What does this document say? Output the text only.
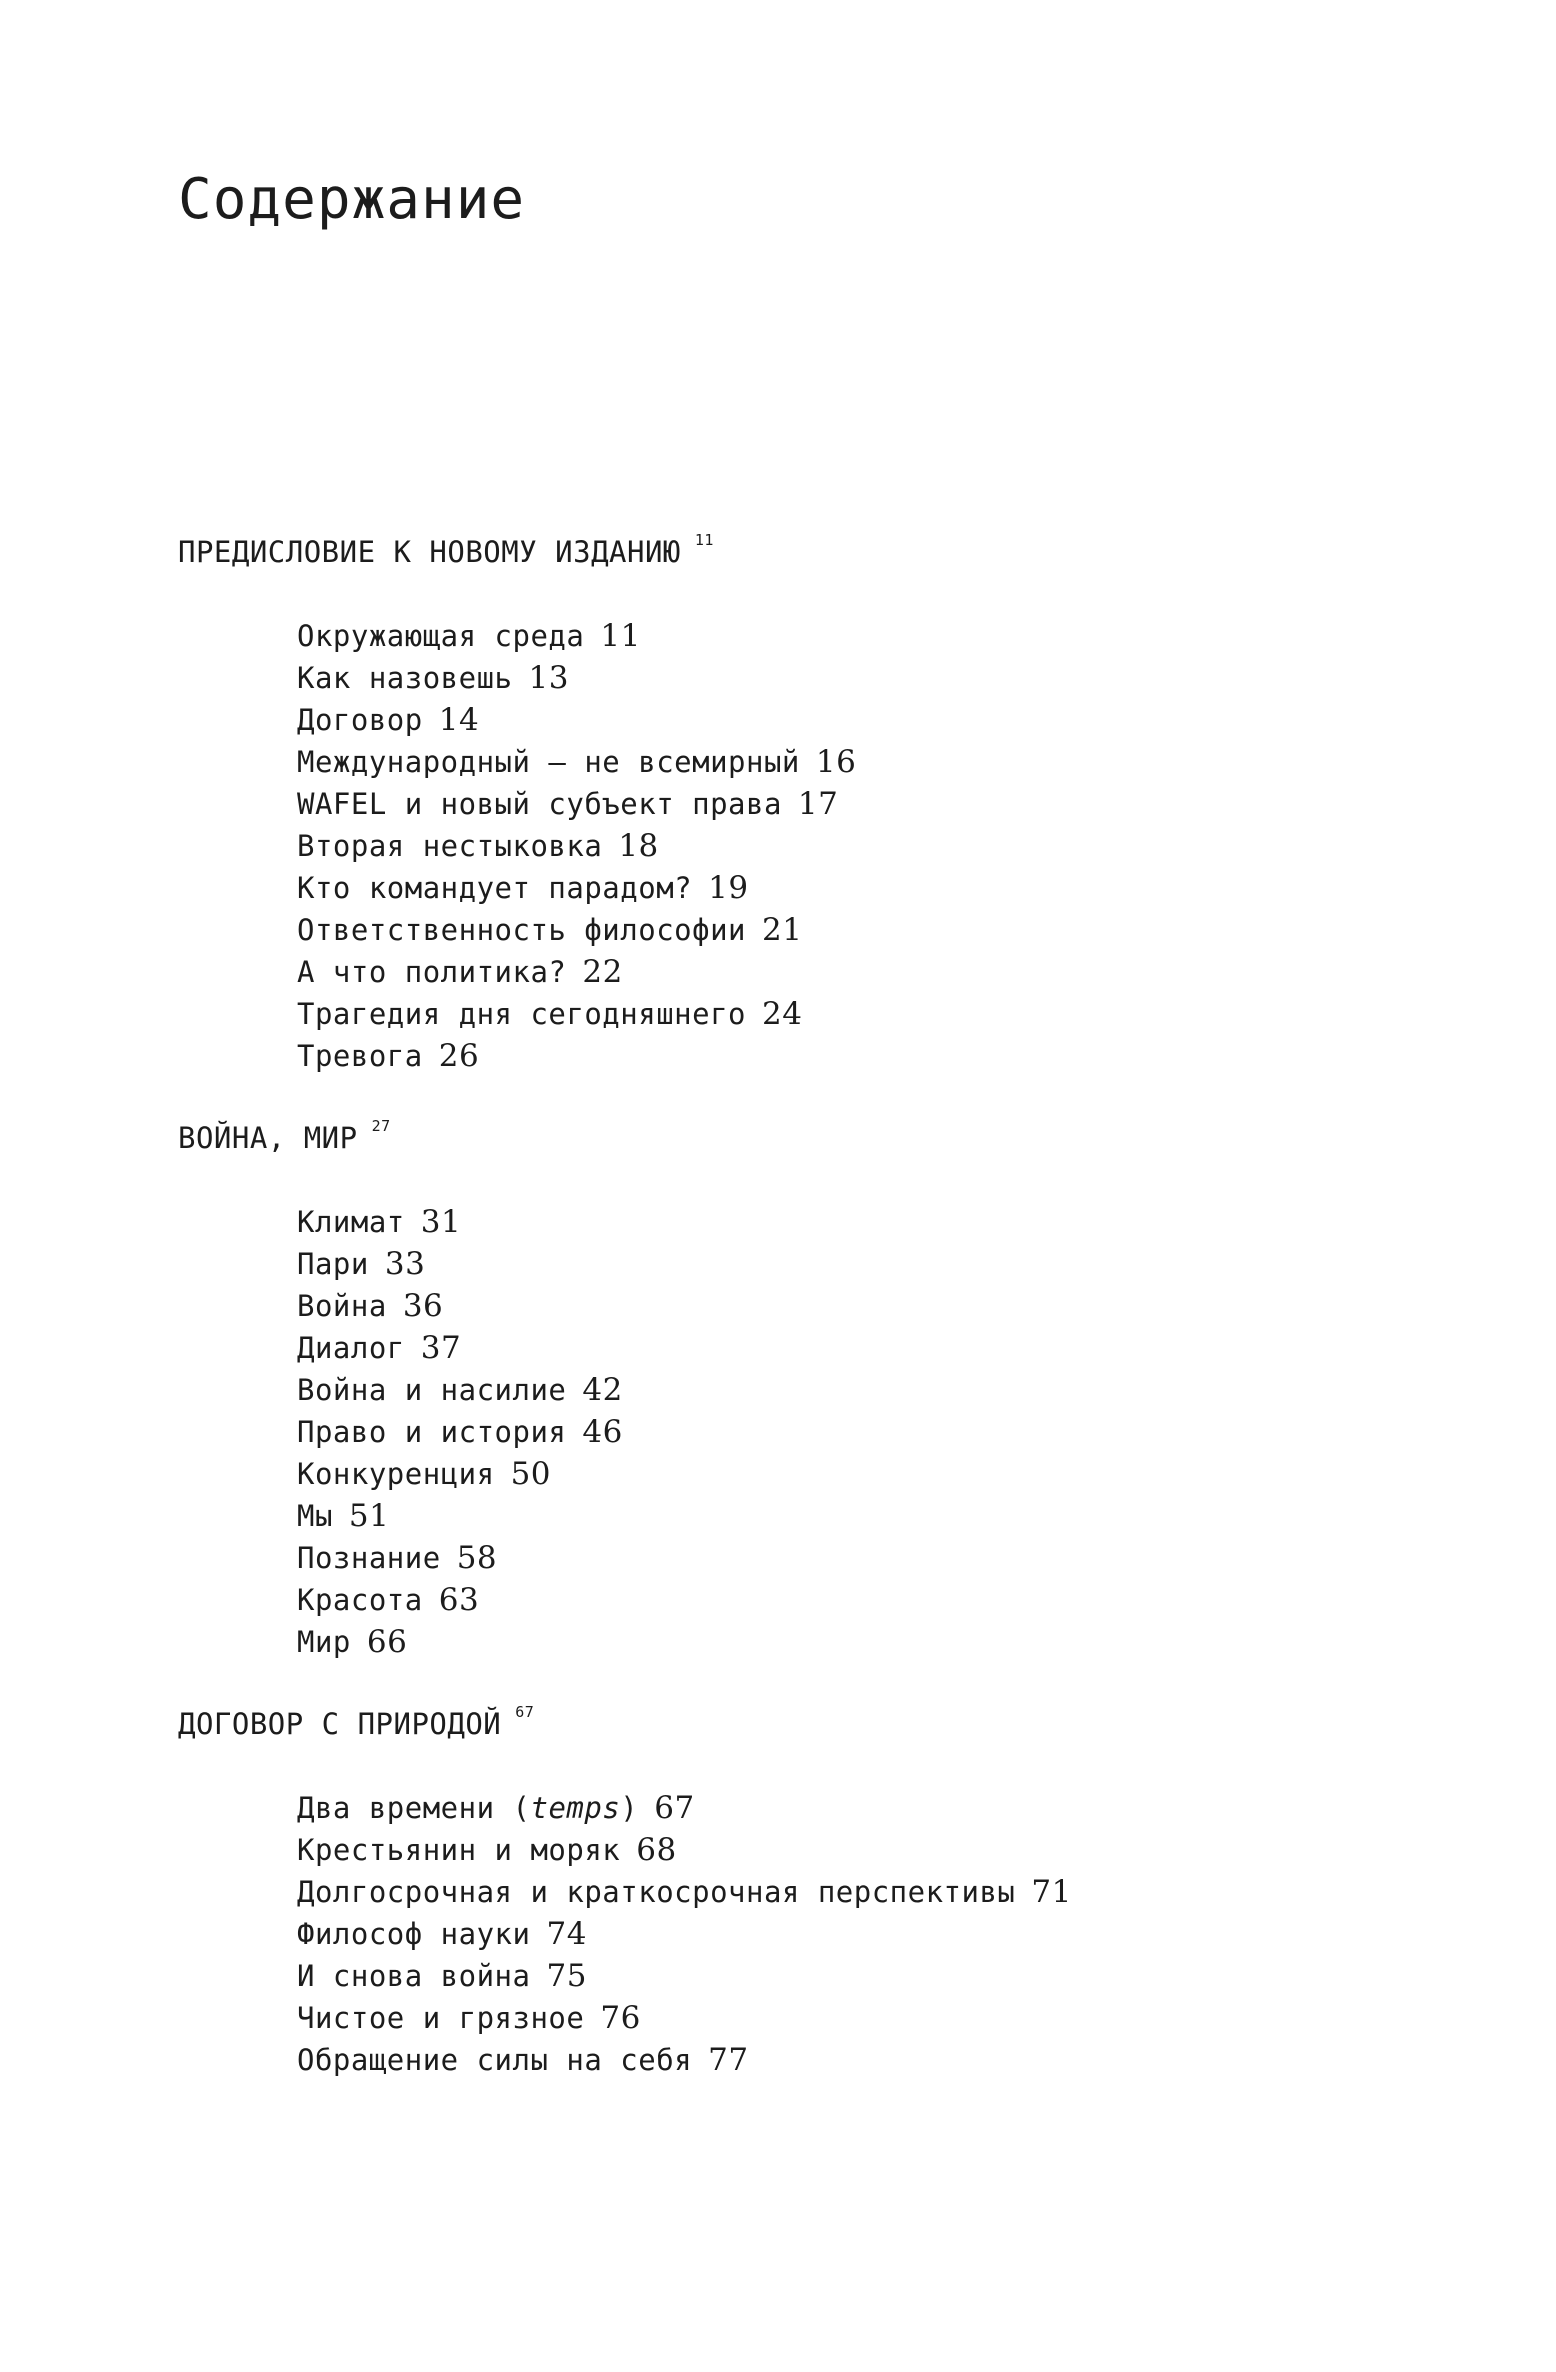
Содержание
ПРЕДИСЛОВИЕ К НОВОМУ ИЗДАНИЮ $^{11}$
Окружающая среда 11
Как назовешь 13
Договор 14
Международный — не всемирный 16
WAFEL и новый субъект права 17
Вторая нестыковка 18
Кто командует парадом? 19
Ответственность философии 21
А что политика? 22
Трагедия дня сегодняшнего 24
Тревога 26
ВОЙНА, МИР $^{27}$
Климат 31
Пари 33
Война 36
Диалог 37
Война и насилие 42
Право и история 46
Конкуренция 50
Мы 51
Познание 58
Красота 63
Мир 66
ДОГОВОР С ПРИРОДОЙ $^{67}$
Два времени (temps) 67
Крестьянин и моряк 68
Долгосрочная и краткосрочная перспективы 71
Философ науки 74
И снова война 75
Чистое и грязное 76
Обращение силы на себя 77
